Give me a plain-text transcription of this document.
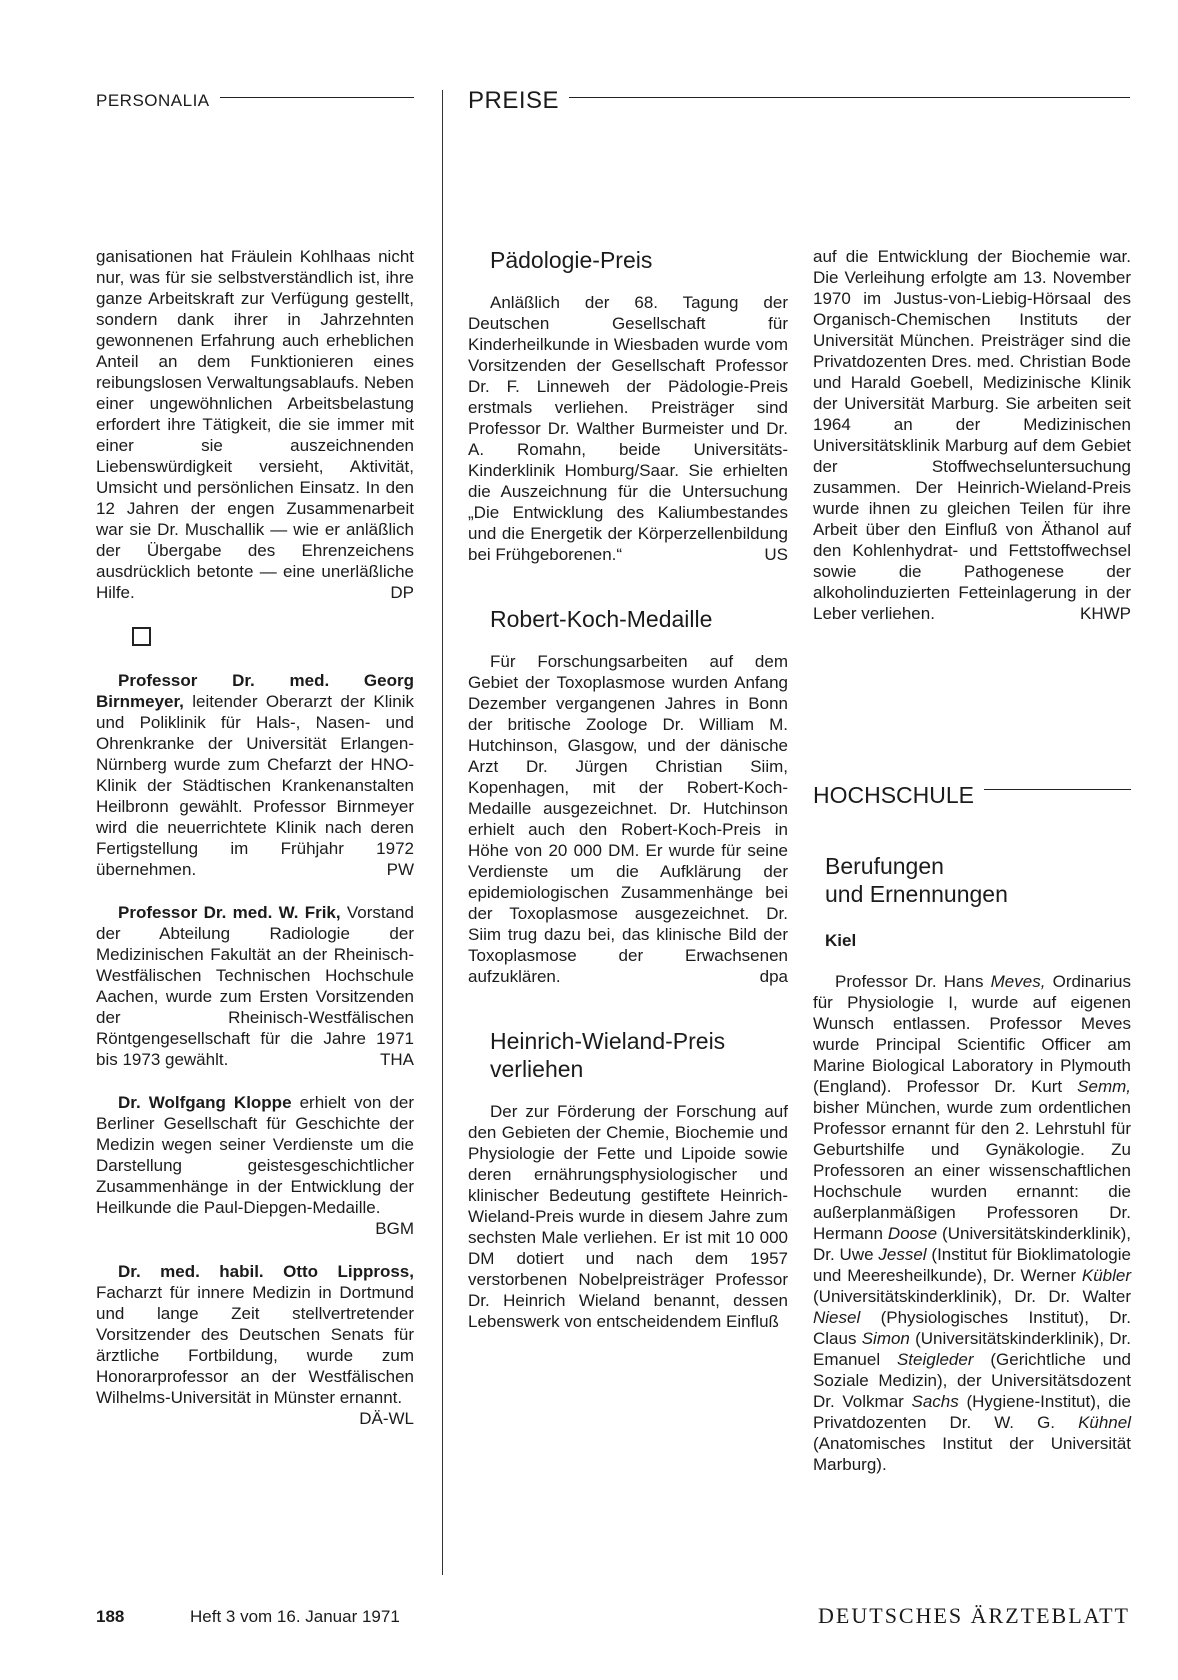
PERSONALIA	PREISE

ganisationen hat Fräulein Kohlhaas nicht nur, was für sie selbstverständlich ist, ihre ganze Arbeitskraft zur Verfügung gestellt, sondern dank ihrer in Jahrzehnten gewonnenen Erfahrung auch erheblichen Anteil an dem Funktionieren eines reibungslosen Verwaltungsablaufs. Neben einer ungewöhnlichen Arbeitsbelastung erfordert ihre Tätigkeit, die sie immer mit einer sie auszeichnenden Liebenswürdigkeit versieht, Aktivität, Umsicht und persönlichen Einsatz. In den 12 Jahren der engen Zusammenarbeit war sie Dr. Muschallik — wie er anläßlich der Übergabe des Ehrenzeichens ausdrücklich betonte — eine unerläßliche Hilfe.	DP

Professor Dr. med. Georg Birnmeyer, leitender Oberarzt der Klinik und Poliklinik für Hals-, Nasen- und Ohrenkranke der Universität Erlangen-Nürnberg wurde zum Chefarzt der HNO-Klinik der Städtischen Krankenanstalten Heilbronn gewählt. Professor Birnmeyer wird die neuerrichtete Klinik nach deren Fertigstellung im Frühjahr 1972 übernehmen.	PW

Professor Dr. med. W. Frik, Vorstand der Abteilung Radiologie der Medizinischen Fakultät an der Rheinisch-Westfälischen Technischen Hochschule Aachen, wurde zum Ersten Vorsitzenden der Rheinisch-Westfälischen Röntgengesellschaft für die Jahre 1971 bis 1973 gewählt.	THA

Dr. Wolfgang Kloppe erhielt von der Berliner Gesellschaft für Geschichte der Medizin wegen seiner Verdienste um die Darstellung geistesgeschichtlicher Zusammenhänge in der Entwicklung der Heilkunde die Paul-Diepgen-Medaille.
BGM

Dr. med. habil. Otto Lippross, Facharzt für innere Medizin in Dortmund und lange Zeit stellvertretender Vorsitzender des Deutschen Senats für ärztliche Fortbildung, wurde zum Honorarprofessor an der Westfälischen Wilhelms-Universität in Münster ernannt.
DÄ-WL

Pädologie-Preis

Anläßlich der 68. Tagung der Deutschen Gesellschaft für Kinderheilkunde in Wiesbaden wurde vom Vorsitzenden der Gesellschaft Professor Dr. F. Linneweh der Pädologie-Preis erstmals verliehen. Preisträger sind Professor Dr. Walther Burmeister und Dr. A. Romahn, beide Universitäts-Kinderklinik Homburg/Saar. Sie erhielten die Auszeichnung für die Untersuchung „Die Entwicklung des Kaliumbestandes und die Energetik der Körperzellenbildung bei Frühgeborenen.“	US

Robert-Koch-Medaille

Für Forschungsarbeiten auf dem Gebiet der Toxoplasmose wurden Anfang Dezember vergangenen Jahres in Bonn der britische Zoologe Dr. William M. Hutchinson, Glasgow, und der dänische Arzt Dr. Jürgen Christian Siim, Kopenhagen, mit der Robert-Koch-Medaille ausgezeichnet. Dr. Hutchinson erhielt auch den Robert-Koch-Preis in Höhe von 20 000 DM. Er wurde für seine Verdienste um die Aufklärung der epidemiologischen Zusammenhänge bei der Toxoplasmose ausgezeichnet. Dr. Siim trug dazu bei, das klinische Bild der Toxoplasmose der Erwachsenen aufzuklären.	dpa

Heinrich-Wieland-Preis verliehen

Der zur Förderung der Forschung auf den Gebieten der Chemie, Biochemie und Physiologie der Fette und Lipoide sowie deren ernährungsphysiologischer und klinischer Bedeutung gestiftete Heinrich-Wieland-Preis wurde in diesem Jahre zum sechsten Male verliehen. Er ist mit 10 000 DM dotiert und nach dem 1957 verstorbenen Nobelpreisträger Professor Dr. Heinrich Wieland benannt, dessen Lebenswerk von entscheidendem Einfluß

auf die Entwicklung der Biochemie war. Die Verleihung erfolgte am 13. November 1970 im Justus-von-Liebig-Hörsaal des Organisch-Chemischen Instituts der Universität München. Preisträger sind die Privatdozenten Dres. med. Christian Bode und Harald Goebell, Medizinische Klinik der Universität Marburg. Sie arbeiten seit 1964 an der Medizinischen Universitätsklinik Marburg auf dem Gebiet der Stoffwechseluntersuchung zusammen. Der Heinrich-Wieland-Preis wurde ihnen zu gleichen Teilen für ihre Arbeit über den Einfluß von Äthanol auf den Kohlenhydrat- und Fettstoffwechsel sowie die Pathogenese der alkoholinduzierten Fetteinlagerung in der Leber verliehen.	KHWP

HOCHSCHULE
Berufungen
und Ernennungen

Kiel

Professor Dr. Hans Meves, Ordinarius für Physiologie I, wurde auf eigenen Wunsch entlassen. Professor Meves wurde Principal Scientific Officer am Marine Biological Laboratory in Plymouth (England). Professor Dr. Kurt Semm, bisher München, wurde zum ordentlichen Professor ernannt für den 2. Lehrstuhl für Geburtshilfe und Gynäkologie. Zu Professoren an einer wissenschaftlichen Hochschule wurden ernannt: die außerplanmäßigen Professoren Dr. Hermann Doose (Universitätskinderklinik), Dr. Uwe Jessel (Institut für Bioklimatologie und Meeresheilkunde), Dr. Werner Kübler (Universitätskinderklinik), Dr. Dr. Walter Niesel (Physiologisches Institut), Dr. Claus Simon (Universitätskinderklinik), Dr. Emanuel Steigleder (Gerichtliche und Soziale Medizin), der Universitätsdozent Dr. Volkmar Sachs (Hygiene-Institut), die Privatdozenten Dr. W. G. Kühnel (Anatomisches Institut der Universität Marburg).

188	Heft 3 vom 16. Januar 1971	DEUTSCHES ÄRZTEBLATT
